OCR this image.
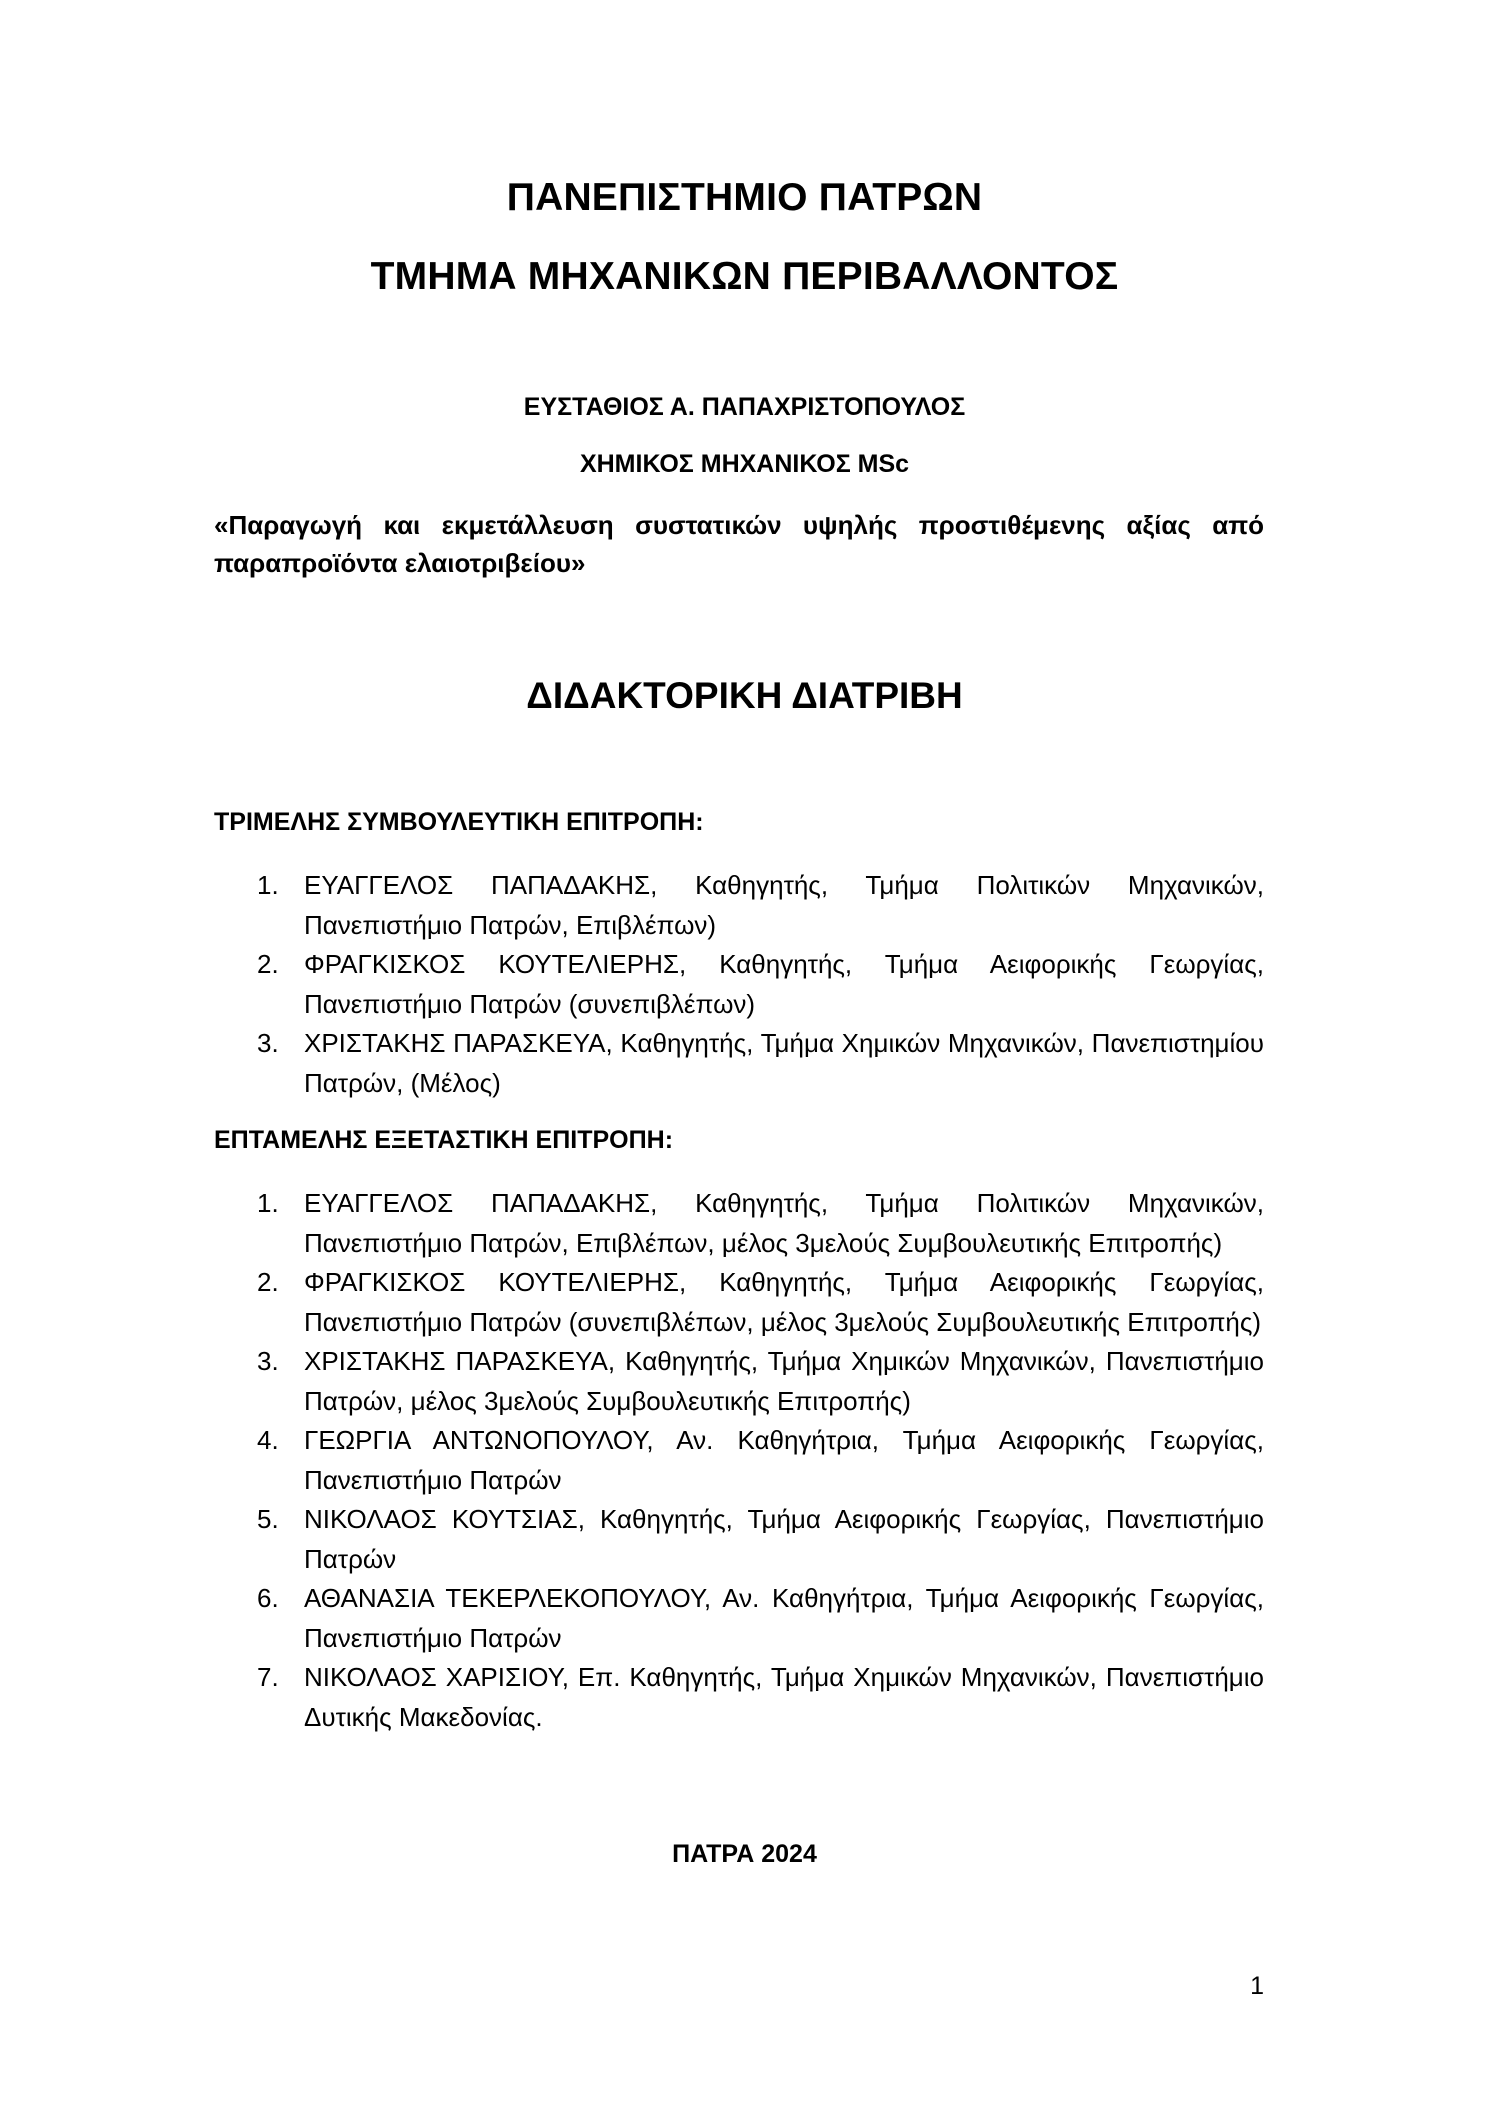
ΠΑΝΕΠΙΣΤΗΜΙΟ ΠΑΤΡΩΝ
ΤΜΗΜΑ ΜΗΧΑΝΙΚΩΝ ΠΕΡΙΒΑΛΛΟΝΤΟΣ
ΕΥΣΤΑΘΙΟΣ Α. ΠΑΠΑΧΡΙΣΤΟΠΟΥΛΟΣ
ΧΗΜΙΚΟΣ ΜΗΧΑΝΙΚΟΣ MSc
«Παραγωγή και εκμετάλλευση συστατικών υψηλής προστιθέμενης αξίας από παραπροϊόντα ελαιοτριβείου»
ΔΙΔΑΚΤΟΡΙΚΗ ΔΙΑΤΡΙΒΗ
ΤΡΙΜΕΛΗΣ ΣΥΜΒΟΥΛΕΥΤΙΚΗ ΕΠΙΤΡΟΠΗ:
1. ΕΥΑΓΓΕΛΟΣ ΠΑΠΑΔΑΚΗΣ, Καθηγητής, Τμήμα Πολιτικών Μηχανικών, Πανεπιστήμιο Πατρών, Επιβλέπων)
2. ΦΡΑΓΚΙΣΚΟΣ ΚΟΥΤΕΛΙΕΡΗΣ, Καθηγητής, Τμήμα Αειφορικής Γεωργίας, Πανεπιστήμιο Πατρών (συνεπιβλέπων)
3. ΧΡΙΣΤΑΚΗΣ ΠΑΡΑΣΚΕΥΑ, Καθηγητής, Τμήμα Χημικών Μηχανικών, Πανεπιστημίου Πατρών, (Μέλος)
ΕΠΤΑΜΕΛΗΣ ΕΞΕΤΑΣΤΙΚΗ ΕΠΙΤΡΟΠΗ:
1. ΕΥΑΓΓΕΛΟΣ ΠΑΠΑΔΑΚΗΣ, Καθηγητής, Τμήμα Πολιτικών Μηχανικών, Πανεπιστήμιο Πατρών, Επιβλέπων, μέλος 3μελούς Συμβουλευτικής Επιτροπής)
2. ΦΡΑΓΚΙΣΚΟΣ ΚΟΥΤΕΛΙΕΡΗΣ, Καθηγητής, Τμήμα Αειφορικής Γεωργίας, Πανεπιστήμιο Πατρών (συνεπιβλέπων, μέλος 3μελούς Συμβουλευτικής Επιτροπής)
3. ΧΡΙΣΤΑΚΗΣ ΠΑΡΑΣΚΕΥΑ, Καθηγητής, Τμήμα Χημικών Μηχανικών, Πανεπιστήμιο Πατρών, μέλος 3μελούς Συμβουλευτικής Επιτροπής)
4. ΓΕΩΡΓΙΑ ΑΝΤΩΝΟΠΟΥΛΟΥ, Αν. Καθηγήτρια, Τμήμα Αειφορικής Γεωργίας, Πανεπιστήμιο Πατρών
5. ΝΙΚΟΛΑΟΣ ΚΟΥΤΣΙΑΣ, Καθηγητής, Τμήμα Αειφορικής Γεωργίας, Πανεπιστήμιο Πατρών
6. ΑΘΑΝΑΣΙΑ ΤΕΚΕΡΛΕΚΟΠΟΥΛΟΥ, Αν. Καθηγήτρια, Τμήμα Αειφορικής Γεωργίας, Πανεπιστήμιο Πατρών
7. ΝΙΚΟΛΑΟΣ ΧΑΡΙΣΙΟΥ, Επ. Καθηγητής, Τμήμα Χημικών Μηχανικών, Πανεπιστήμιο Δυτικής Μακεδονίας.
ΠΑΤΡΑ 2024
1
